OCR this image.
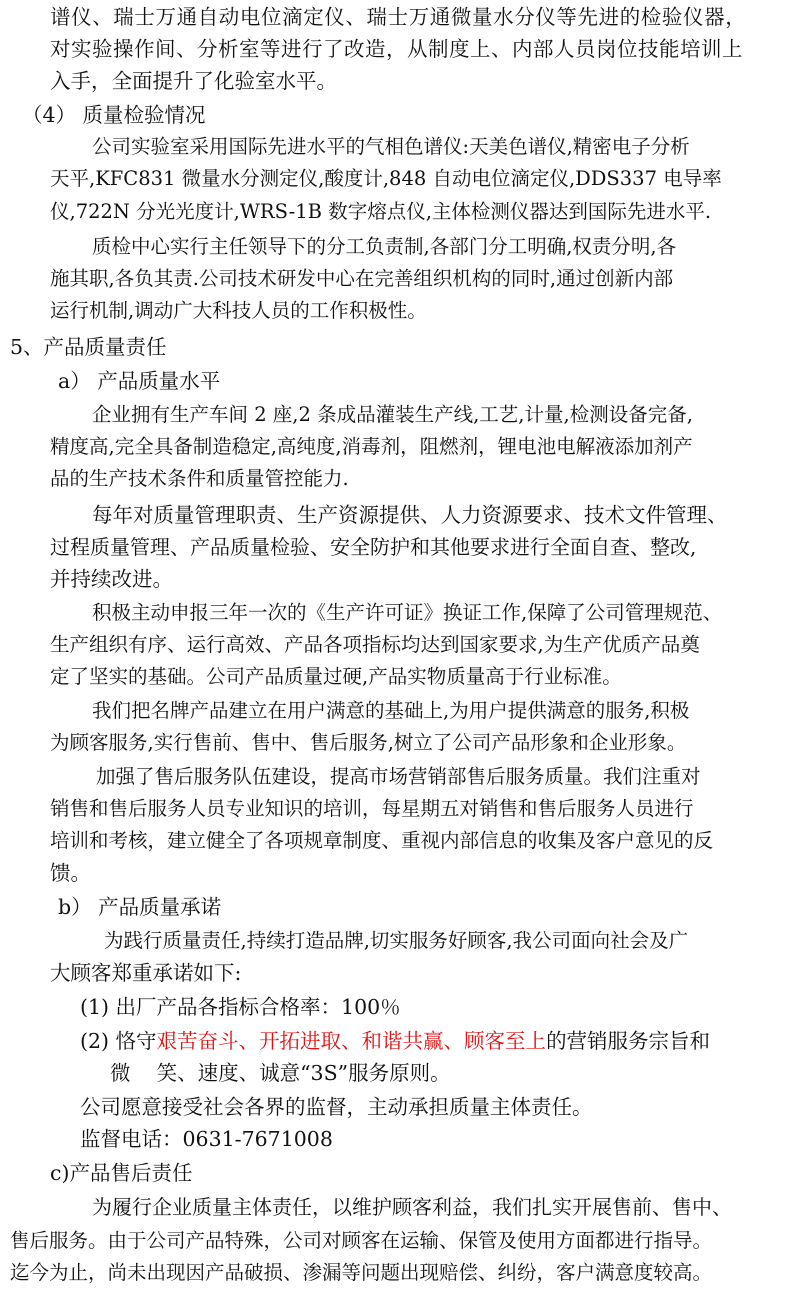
谱仪、瑞士万通自动电位滴定仪、瑞士万通微量水分仪等先进的检验仪器，
对实验操作间、分析室等进行了改造，从制度上、内部人员岗位技能培训上
入手，全面提升了化验室水平。
（4） 质量检验情况
公司实验室采用国际先进水平的气相色谱仪:天美色谱仪,精密电子分析
天平,KFC831 微量水分测定仪,酸度计,848 自动电位滴定仪,DDS337 电导率
仪,722N 分光光度计,WRS-1B 数字熔点仪,主体检测仪器达到国际先进水平.
质检中心实行主任领导下的分工负责制,各部门分工明确,权责分明,各
施其职,各负其责.公司技术研发中心在完善组织机构的同时,通过创新内部
运行机制,调动广大科技人员的工作积极性。
5、产品质量责任
a） 产品质量水平
企业拥有生产车间 2 座,2 条成品灌装生产线,工艺,计量,检测设备完备,
精度高,完全具备制造稳定,高纯度,消毒剂，阻燃剂，锂电池电解液添加剂产
品的生产技术条件和质量管控能力.
每年对质量管理职责、生产资源提供、人力资源要求、技术文件管理、
过程质量管理、产品质量检验、安全防护和其他要求进行全面自查、整改,
并持续改进。
积极主动申报三年一次的《生产许可证》换证工作,保障了公司管理规范、
生产组织有序、运行高效、产品各项指标均达到国家要求,为生产优质产品奠
定了坚实的基础。公司产品质量过硬,产品实物质量高于行业标准。
我们把名牌产品建立在用户满意的基础上,为用户提供满意的服务,积极
为顾客服务,实行售前、售中、售后服务,树立了公司产品形象和企业形象。
加强了售后服务队伍建设，提高市场营销部售后服务质量。我们注重对
销售和售后服务人员专业知识的培训，每星期五对销售和售后服务人员进行
培训和考核，建立健全了各项规章制度、重视内部信息的收集及客户意见的反
馈。
b） 产品质量承诺
为践行质量责任,持续打造品牌,切实服务好顾客,我公司面向社会及广
大顾客郑重承诺如下:
(1) 出厂产品各指标合格率：100％
(2) 恪守艰苦奋斗、开拓进取、和谐共赢、顾客至上的营销服务宗旨和
微    笑、速度、诚意“3S”服务原则。
公司愿意接受社会各界的监督，主动承担质量主体责任。
监督电话：0631-7671008
c)产品售后责任
为履行企业质量主体责任，以维护顾客利益，我们扎实开展售前、售中、
售后服务。由于公司产品特殊，公司对顾客在运输、保管及使用方面都进行指导。
迄今为止，尚未出现因产品破损、渗漏等问题出现赔偿、纠纷，客户满意度较高。
